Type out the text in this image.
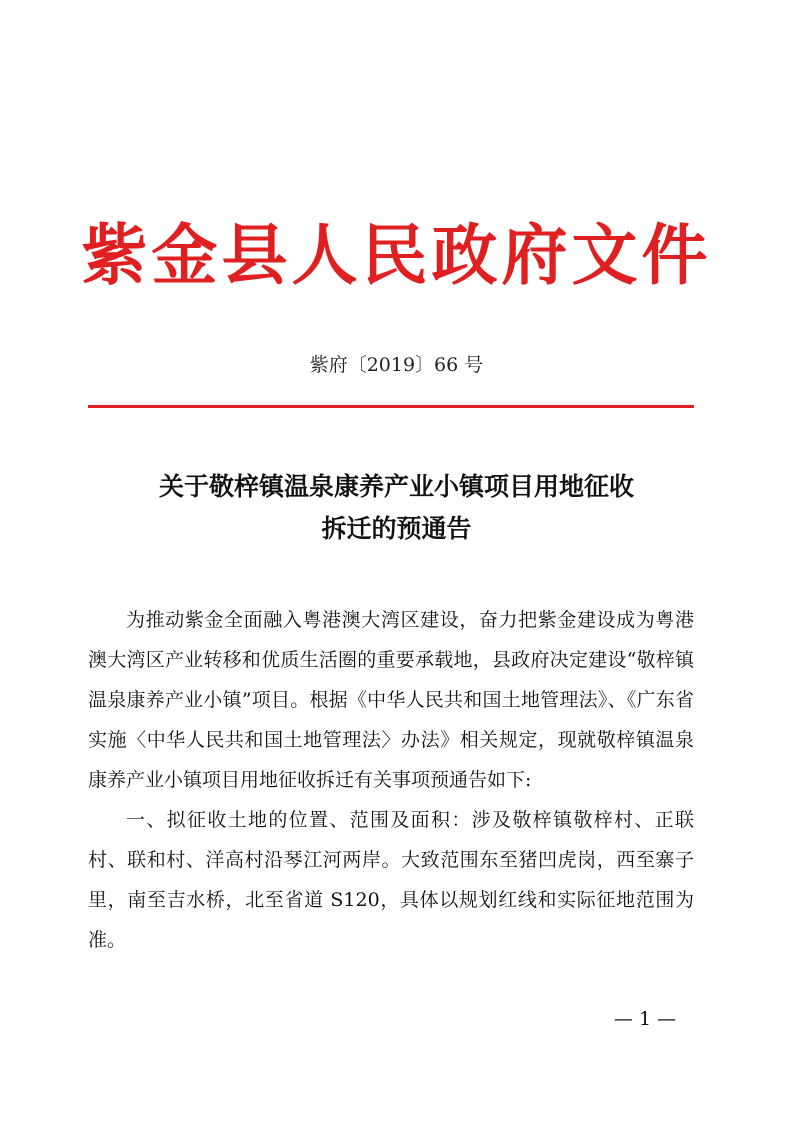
紫金县人民政府文件
紫府〔2019〕66 号
关于敬梓镇温泉康养产业小镇项目用地征收
拆迁的预通告

为推动紫金全面融入粤港澳大湾区建设，奋力把紫金建设成为粤港澳大湾区产业转移和优质生活圈的重要承载地，县政府决定建设“敬梓镇温泉康养产业小镇”项目。根据《中华人民共和国土地管理法》、《广东省实施〈中华人民共和国土地管理法〉办法》相关规定，现就敬梓镇温泉康养产业小镇项目用地征收拆迁有关事项预通告如下:

一、拟征收土地的位置、范围及面积：涉及敬梓镇敬梓村、正联村、联和村、洋高村沿琴江河两岸。大致范围东至猪凹虎岗，西至寨子里，南至吉水桥，北至省道 S120，具体以规划红线和实际征地范围为准。

— 1 —
